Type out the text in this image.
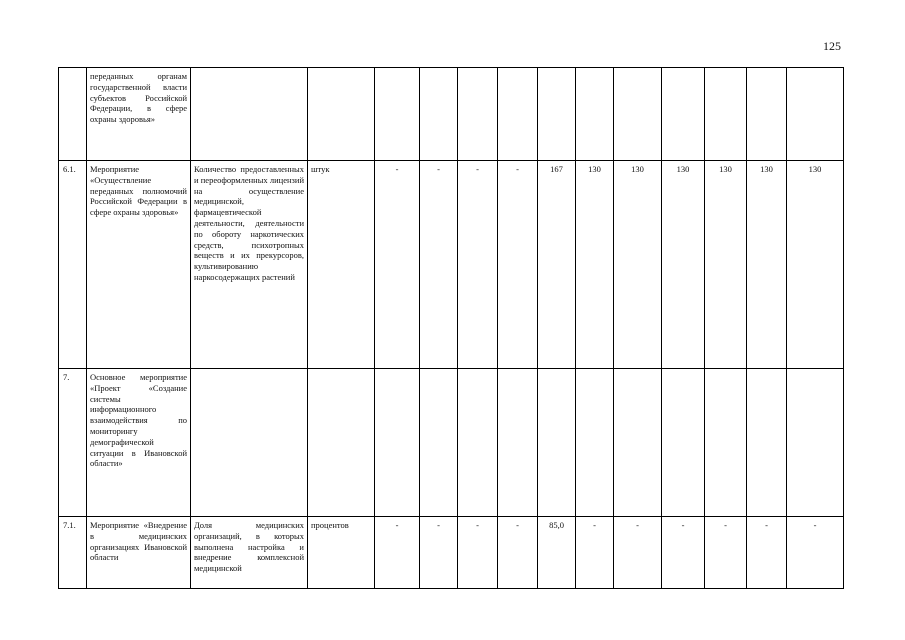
125
	переданных органам государственной власти субъектов Российской Федерации, в сфере охраны здоровья»													
6.1.	Мероприятие «Осуществление переданных полномочий Российской Федерации в сфере охраны здоровья»	Количество предоставленных и переоформленных лицензий на осуществление медицинской, фармацевтической деятельности, деятельности по обороту наркотических средств, психотропных веществ и их прекурсоров, культивированию наркосодержащих растений	штук	-	-	-	-	167	130	130	130	130	130	130
7.	Основное мероприятие «Проект «Создание системы информационного взаимодействия по мониторингу демографической ситуации в Ивановской области»													
7.1.	Мероприятие «Внедрение в медицинских организациях Ивановской области	Доля медицинских организаций, в которых выполнена настройка и внедрение комплексной медицинской	процентов	-	-	-	-	85,0	-	-	-	-	-	-
